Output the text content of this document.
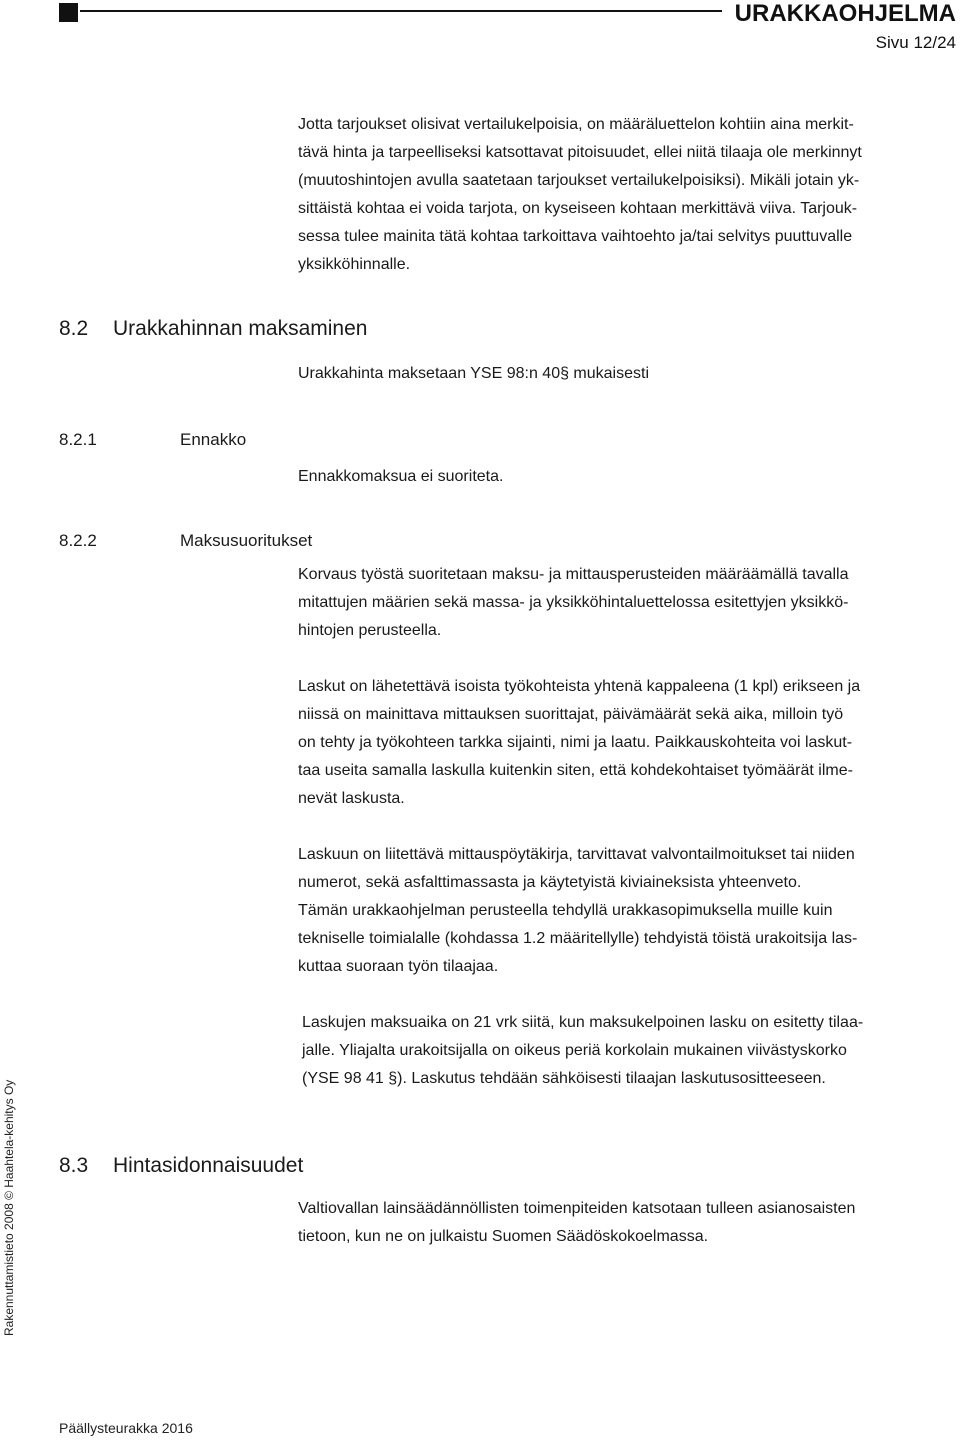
URAKKAOHJELMA
Sivu 12/24

Jotta tarjoukset olisivat vertailukelpoisia, on määräluettelon kohtiin aina merkit-
tävä hinta ja tarpeelliseksi katsottavat pitoisuudet, ellei niitä tilaaja ole merkinnyt
(muutoshintojen avulla saatetaan tarjoukset vertailukelpoisiksi). Mikäli jotain yk-
sittäistä kohtaa ei voida tarjota, on kyseiseen kohtaan merkittävä viiva. Tarjouk-
sessa tulee mainita tätä kohtaa tarkoittava vaihtoehto ja/tai selvitys puuttuvalle
yksikköhinnalle.

8.2 Urakkahinnan maksaminen

Urakkahinta maksetaan YSE 98:n 40§ mukaisesti

8.2.1	Ennakko

Ennakkomaksua ei suoriteta.

8.2.2	Maksusuoritukset

Korvaus työstä suoritetaan maksu- ja mittausperusteiden määräämällä tavalla
mitattujen määrien sekä massa- ja yksikköhintaluettelossa esitettyjen yksikkö-
hintojen perusteella.

Laskut on lähetettävä isoista työkohteista yhtenä kappaleena (1 kpl) erikseen ja
niissä on mainittava mittauksen suorittajat, päivämäärät sekä aika, milloin työ
on tehty ja työkohteen tarkka sijainti, nimi ja laatu. Paikkauskohteita voi laskut-
taa useita samalla laskulla kuitenkin siten, että kohdekohtaiset työmäärät ilme-
nevät laskusta.

Laskuun on liitettävä mittauspöytäkirja, tarvittavat valvontailmoitukset tai niiden
numerot, sekä asfalttimassasta ja käytetyistä kiviaineksista yhteenveto.
Tämän urakkaohjelman perusteella tehdyllä urakkasopimuksella muille kuin
tekniselle toimialalle (kohdassa 1.2 määritellylle) tehdyistä töistä urakoitsija las-
kuttaa suoraan työn tilaajaa.

Laskujen maksuaika on 21 vrk siitä, kun maksukelpoinen lasku on esitetty tilaa-
jalle. Yliajalta urakoitsijalla on oikeus periä korkolain mukainen viivästyskorko
(YSE 98 41 §). Laskutus tehdään sähköisesti tilaajan laskutusositteeseen.

8.3 Hintasidonnaisuudet

Valtiovallan lainsäädännöllisten toimenpiteiden katsotaan tulleen asianosaisten
tietoon, kun ne on julkaistu Suomen Säädöskokoelmassa.

Rakennuttamistieto 2008 © Haahtela-kehitys Oy
Päällysteurakka 2016
